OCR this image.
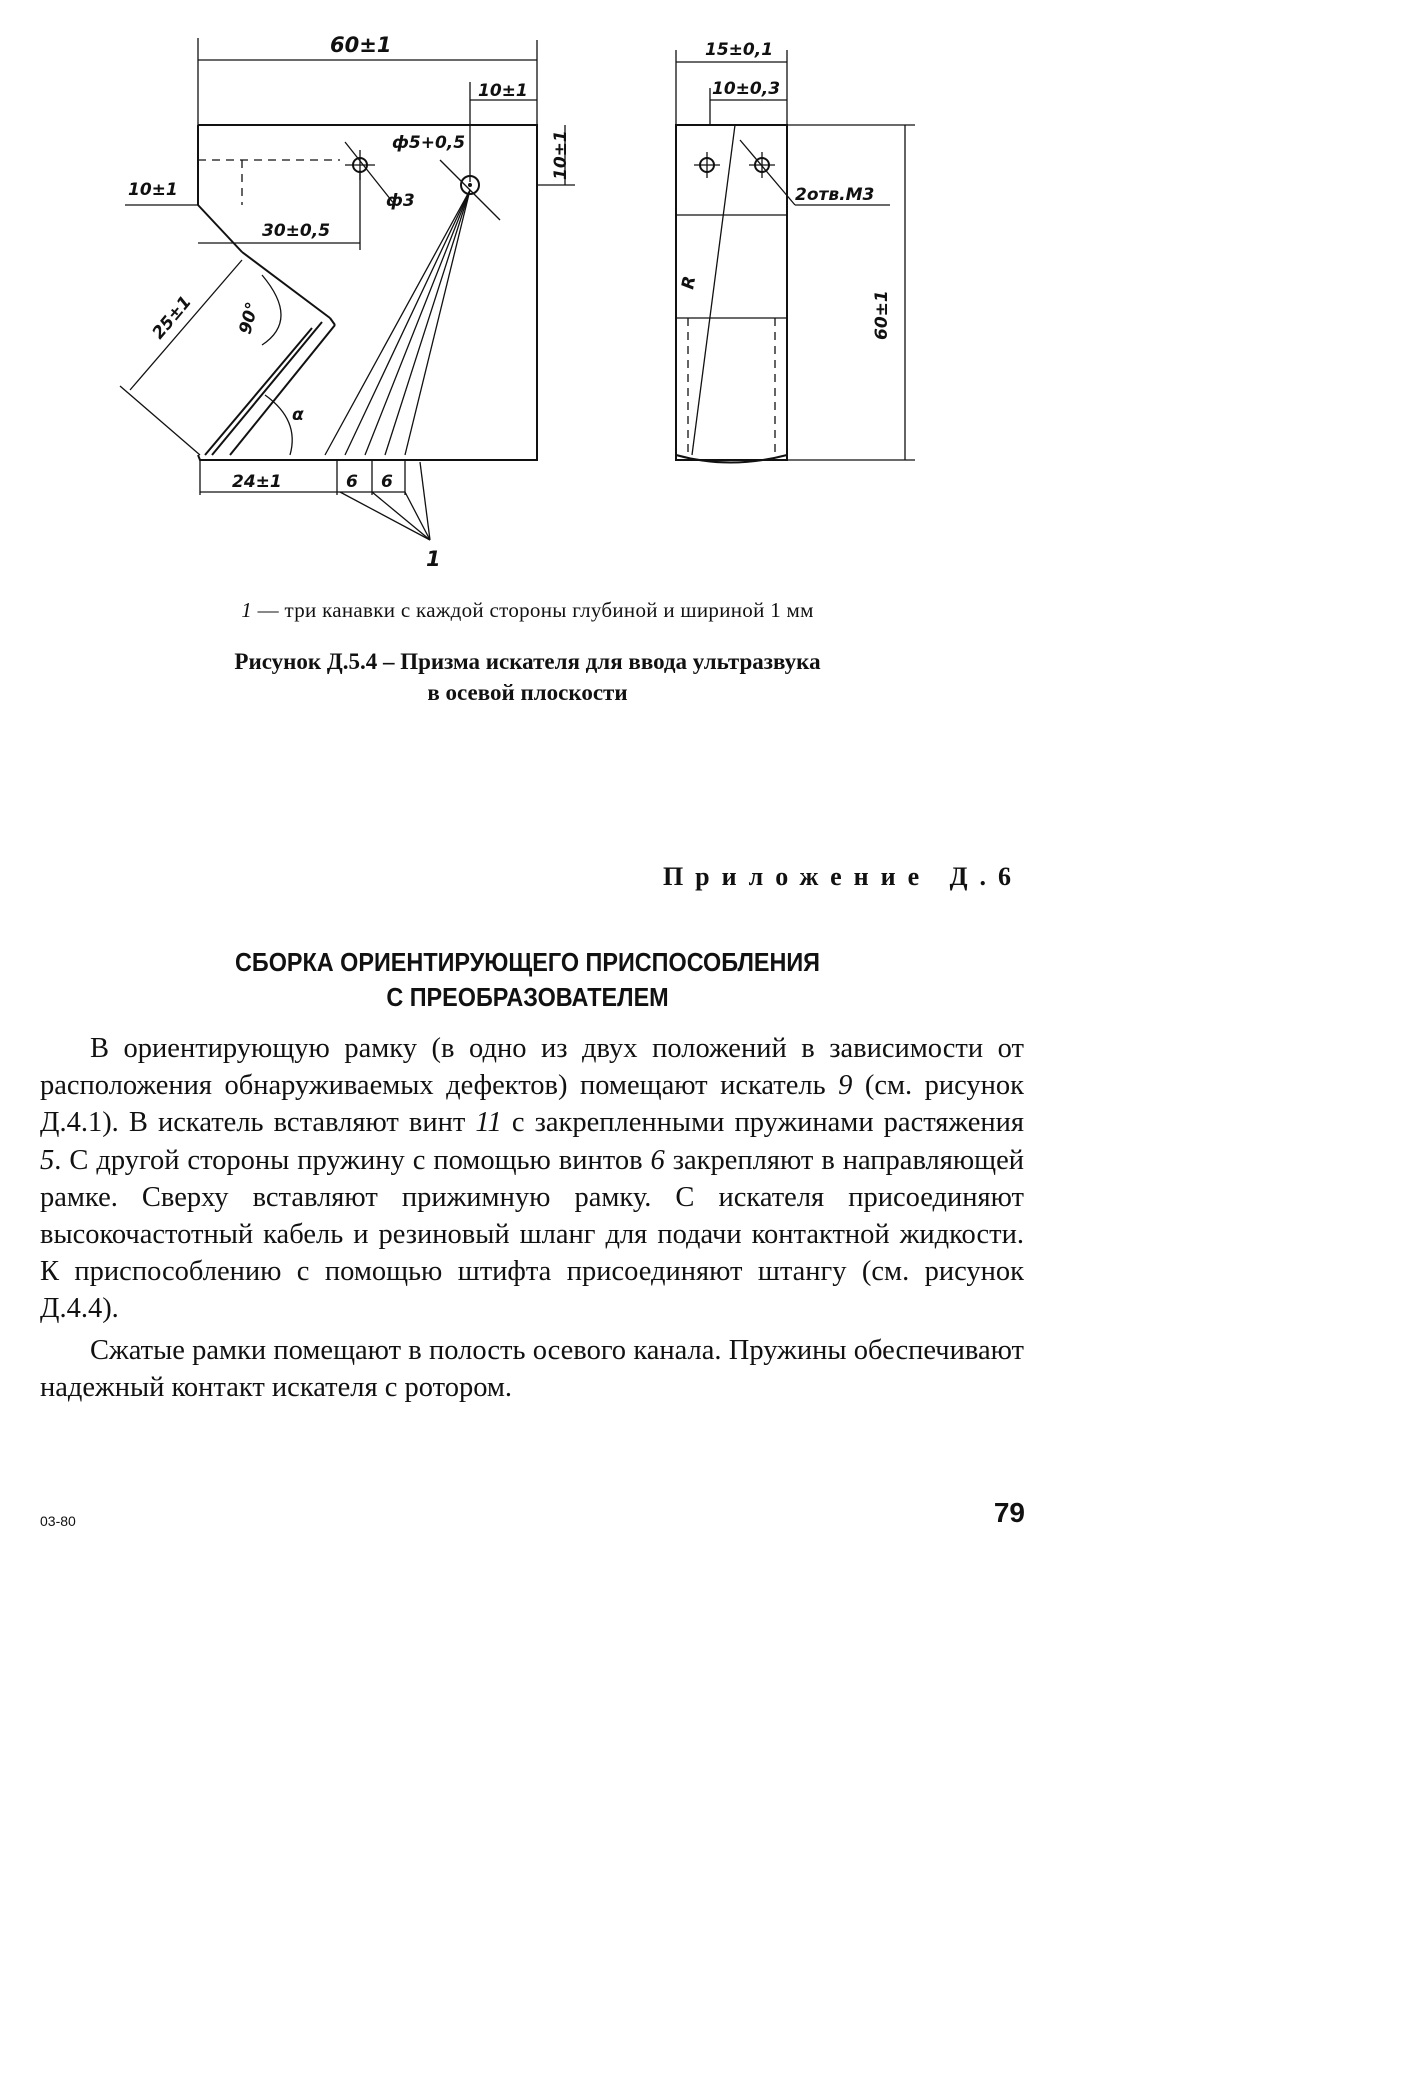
60±1
10±1
ф5+0,5
ф3
10±1
10±1
30±0,5
25±1 90°
α
24±1	6 6
1
15±0,1
10±0,3
2отв.М3
R
60±1
1 — три канавки с каждой стороны глубиной и шириной 1 мм
Рисунок Д.5.4 – Призма искателя для ввода ультразвука
в осевой плоскости
Приложение Д.6
СБОРКА ОРИЕНТИРУЮЩЕГО ПРИСПОСОБЛЕНИЯ
С ПРЕОБРАЗОВАТЕЛЕМ

В ориентирующую рамку (в одно из двух положений в зависимости от расположения обнаруживаемых дефектов) помещают искатель 9 (см. рисунок Д.4.1). В искатель вставляют винт 11 с закрепленными пружинами растяжения 5. С другой стороны пружину с помощью винтов 6 закрепляют в направляющей рамке. Сверху вставляют прижимную рамку. С искателя присоединяют высокочастотный кабель и резиновый шланг для подачи контактной жидкости. К приспособлению с помощью штифта присоединяют штангу (см. рисунок Д.4.4).

Сжатые рамки помещают в полость осевого канала. Пружины обеспечивают надежный контакт искателя с ротором.

03-80	79
